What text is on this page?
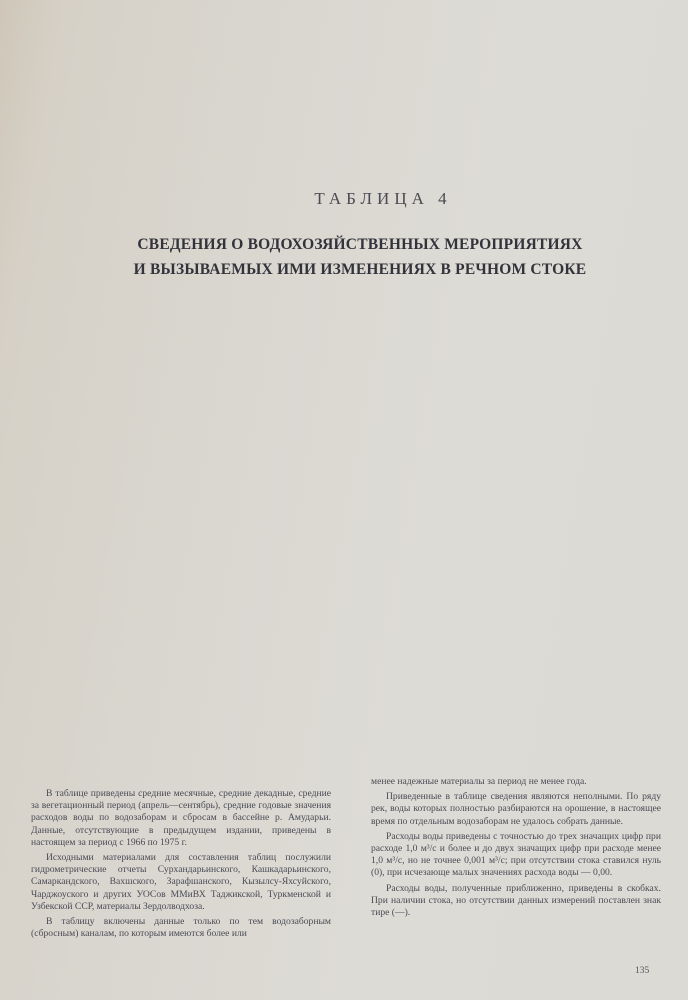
ТАБЛИЦА 4
СВЕДЕНИЯ О ВОДОХОЗЯЙСТВЕННЫХ МЕРОПРИЯТИЯХ
И ВЫЗЫВАЕМЫХ ИМИ ИЗМЕНЕНИЯХ В РЕЧНОМ СТОКЕ

В таблице приведены средние месячные, средние декадные, средние за вегетационный период (апрель—сентябрь), средние годовые значения расходов воды по водозаборам и сбросам в бассейне р. Амударьи. Данные, отсутствующие в предыдущем издании, приведены в настоящем за период с 1966 по 1975 г.

Исходными материалами для составления таблиц послужили гидрометрические отчеты Сурхандарьинского, Кашкадарьинского, Самаркандского, Вахшского, Зарафшанского, Кызылсу-Яхсуйского, Чарджоуского и других УОСов ММиВХ Таджикской, Туркменской и Узбекской ССР, материалы Зердолводхоза.

В таблицу включены данные только по тем водозаборным (сбросным) каналам, по которым имеются более или

менее надежные материалы за период не менее года.

Приведенные в таблице сведения являются неполными. По ряду рек, воды которых полностью разбираются на орошение, в настоящее время по отдельным водозаборам не удалось собрать данные.

Расходы воды приведены с точностью до трех значащих цифр при расходе 1,0 м³/с и более и до двух значащих цифр при расходе менее 1,0 м³/с, но не точнее 0,001 м³/с; при отсутствии стока ставился нуль (0), при исчезающе малых значениях расхода воды — 0,00.

Расходы воды, полученные приближенно, приведены в скобках. При наличии стока, но отсутствии данных измерений поставлен знак тире (—).

135
